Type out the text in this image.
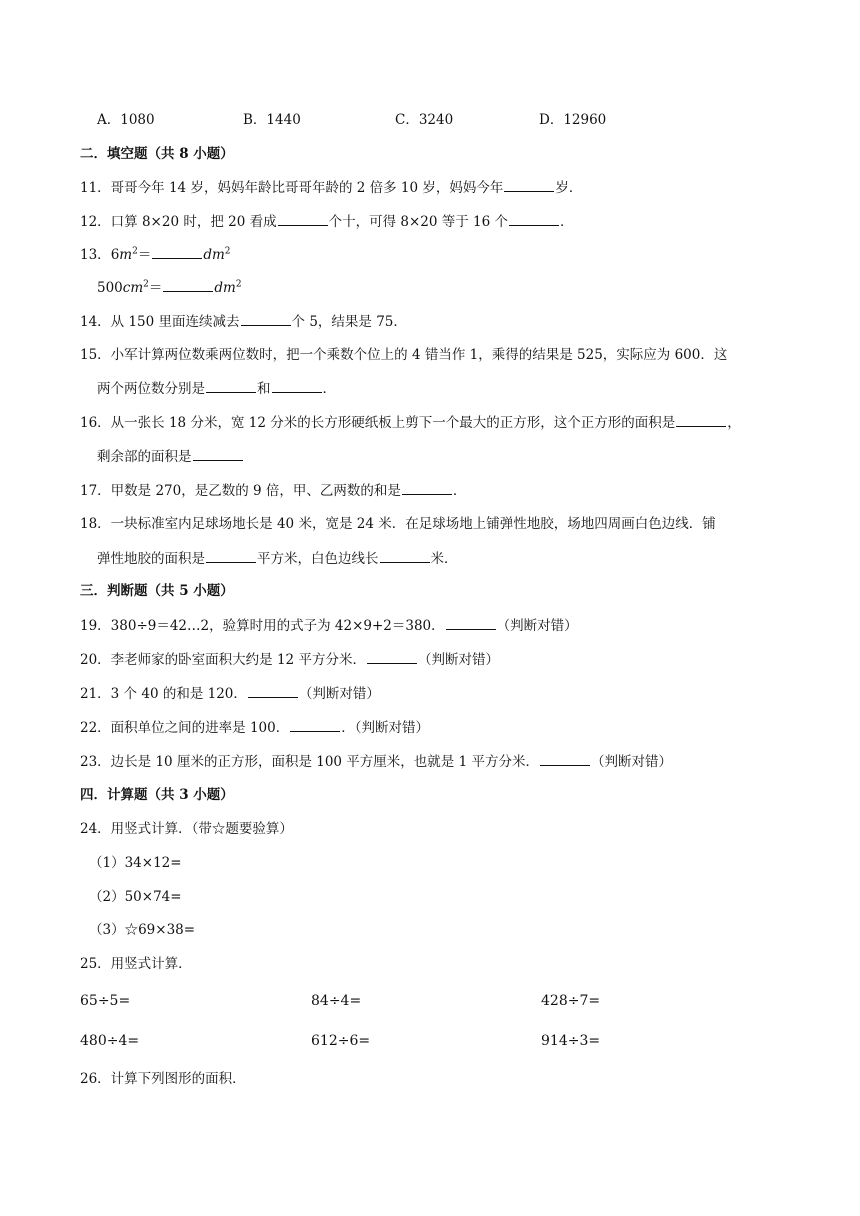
A．1080	B．1440	C．3240	D．12960
二．填空题（共 8 小题）
11．哥哥今年 14 岁，妈妈年龄比哥哥年龄的 2 倍多 10 岁，妈妈今年	岁．
12．口算 8×20 时，把 20 看成	个十，可得 8×20 等于 16 个	．
13．$6m^2=$	$dm^2$
$500cm^2=$	$dm^2$
14．从 150 里面连续减去	个 5，结果是 75．
15．小军计算两位数乘两位数时，把一个乘数个位上的 4 错当作 1，乘得的结果是 525，实际应为 600．这
两个两位数分别是	和	．
16．从一张长 18 分米，宽 12 分米的长方形硬纸板上剪下一个最大的正方形，这个正方形的面积是	，
剩余部的面积是
17．甲数是 270，是乙数的 9 倍，甲、乙两数的和是	．
18．一块标准室内足球场地长是 40 米，宽是 24 米．在足球场地上铺弹性地胶，场地四周画白色边线．铺
弹性地胶的面积是	平方米，白色边线长	米．
三．判断题（共 5 小题）
19．380÷9＝42…2，验算时用的式子为 42×9+2＝380．	（判断对错）
20．李老师家的卧室面积大约是 12 平方分米．	（判断对错）
21．3 个 40 的和是 120．	（判断对错）
22．面积单位之间的进率是 100．	．（判断对错）
23．边长是 10 厘米的正方形，面积是 100 平方厘米，也就是 1 平方分米．	（判断对错）
四．计算题（共 3 小题）
24．用竖式计算．（带☆题要验算）
（1）34×12=
（2）50×74=
（3）☆69×38=
25．用竖式计算．
65÷5=	84÷4=	428÷7=
480÷4=	612÷6=	914÷3=
26．计算下列图形的面积．
